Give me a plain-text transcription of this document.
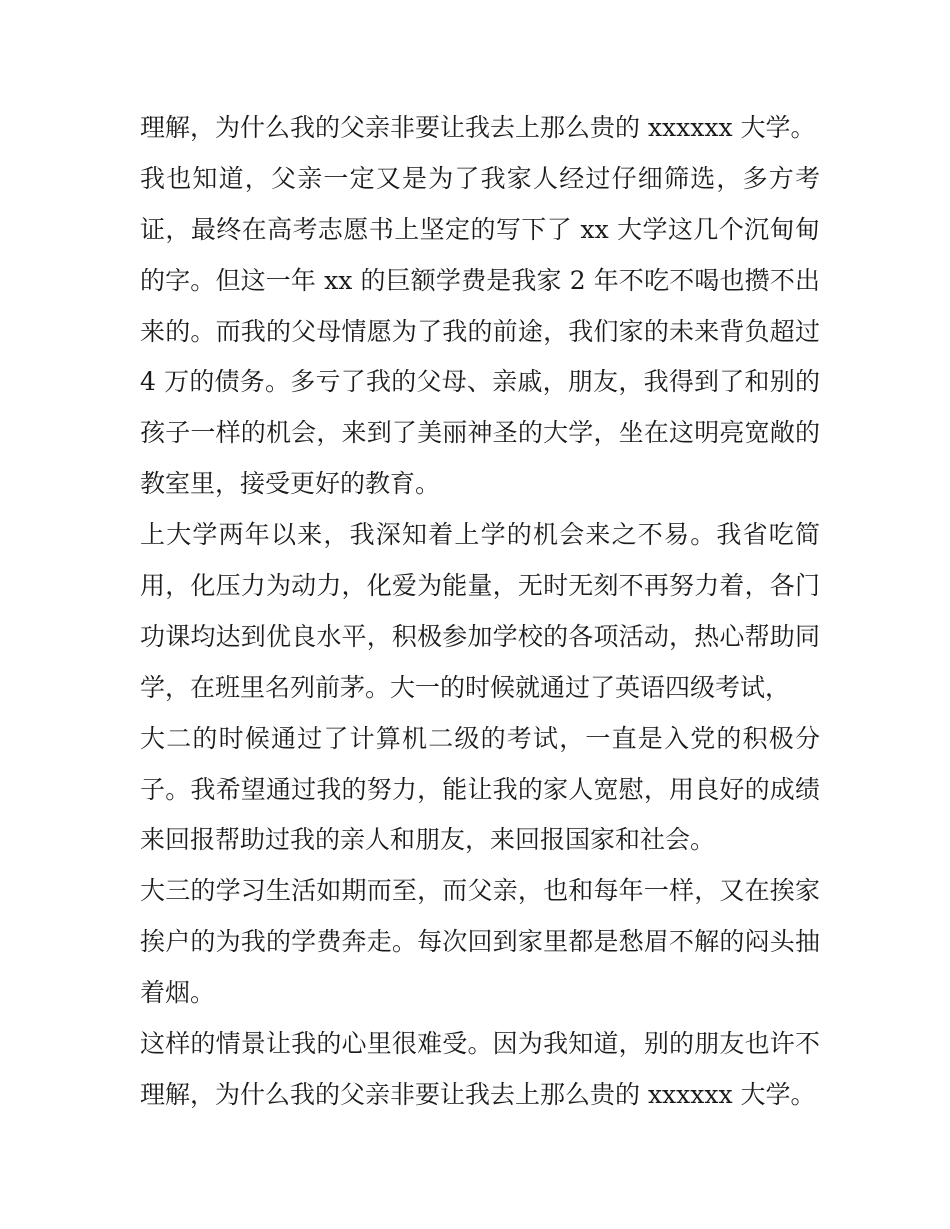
理解，为什么我的父亲非要让我去上那么贵的 xxxxxx 大学。
我也知道，父亲一定又是为了我家人经过仔细筛选，多方考
证，最终在高考志愿书上坚定的写下了 xx 大学这几个沉甸甸
的字。但这一年 xx 的巨额学费是我家 2 年不吃不喝也攒不出
来的。而我的父母情愿为了我的前途，我们家的未来背负超过
4 万的债务。多亏了我的父母、亲戚，朋友，我得到了和别的
孩子一样的机会，来到了美丽神圣的大学，坐在这明亮宽敞的
教室里，接受更好的教育。
上大学两年以来，我深知着上学的机会来之不易。我省吃简
用，化压力为动力，化爱为能量，无时无刻不再努力着，各门
功课均达到优良水平，积极参加学校的各项活动，热心帮助同
学，在班里名列前茅。大一的时候就通过了英语四级考试，
大二的时候通过了计算机二级的考试，一直是入党的积极分
子。我希望通过我的努力，能让我的家人宽慰，用良好的成绩
来回报帮助过我的亲人和朋友，来回报国家和社会。
大三的学习生活如期而至，而父亲，也和每年一样，又在挨家
挨户的为我的学费奔走。每次回到家里都是愁眉不解的闷头抽
着烟。
这样的情景让我的心里很难受。因为我知道，别的朋友也许不
理解，为什么我的父亲非要让我去上那么贵的 xxxxxx 大学。
